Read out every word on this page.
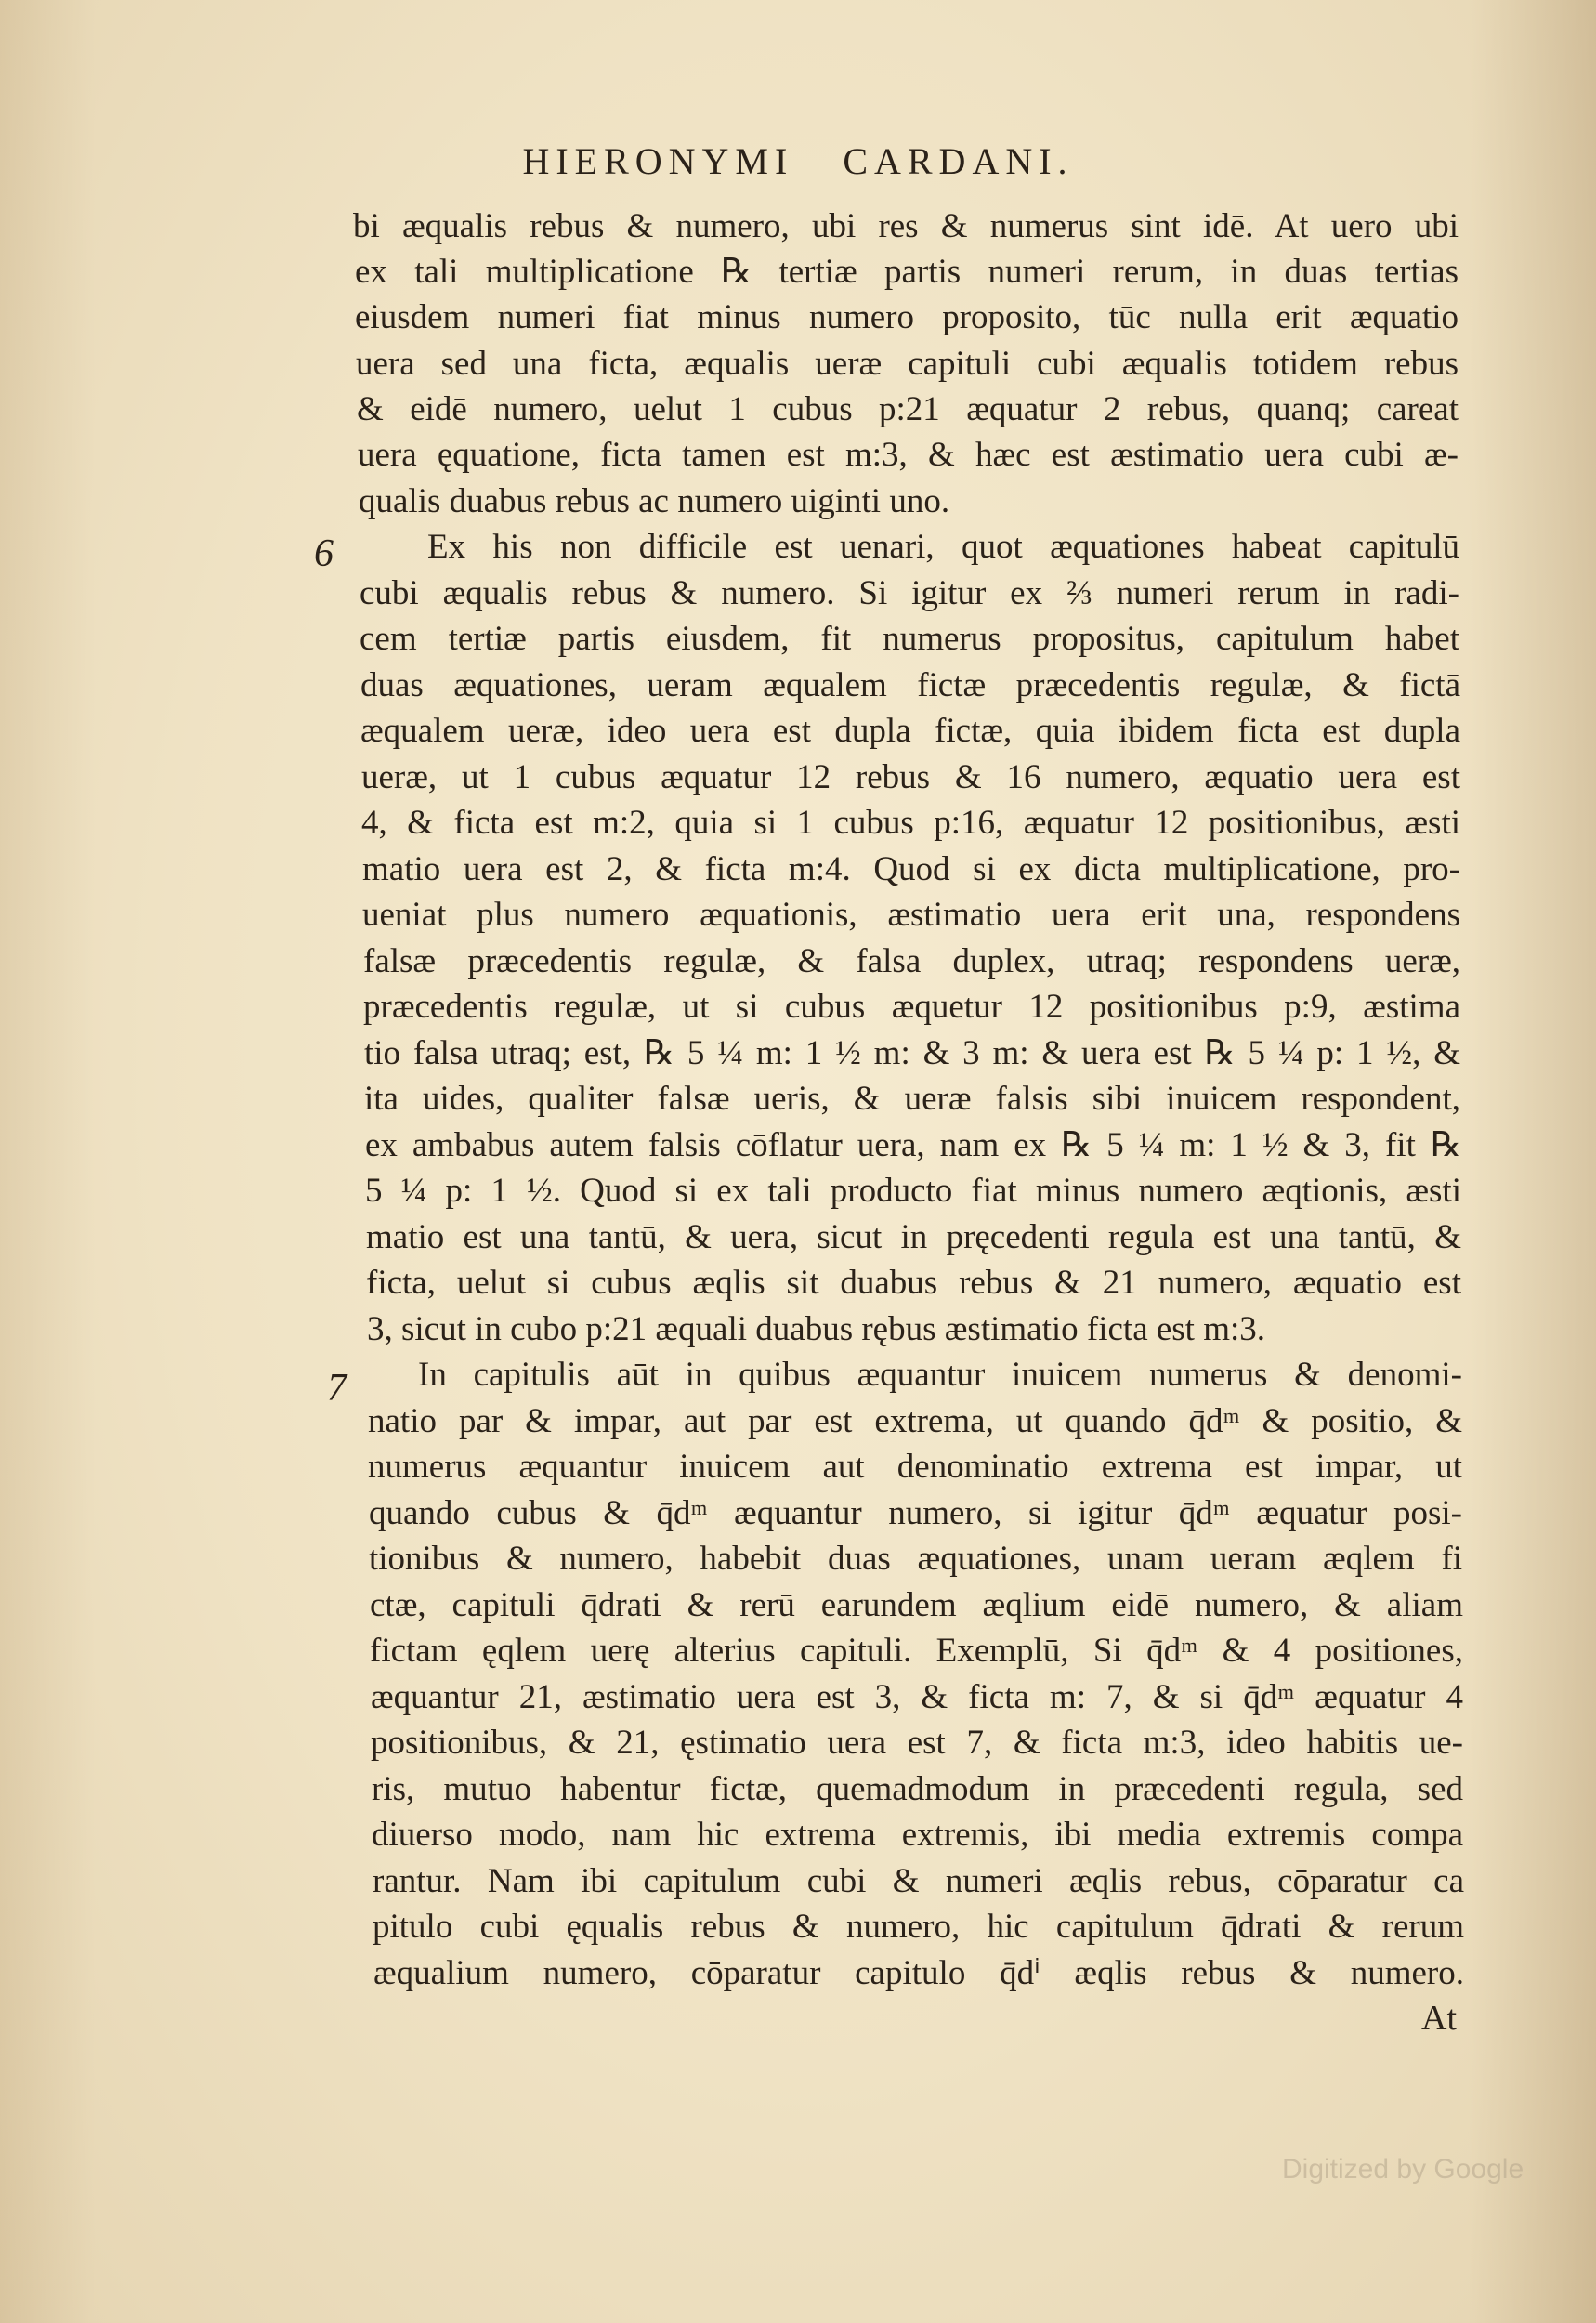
HIERONYMI CARDANI.
6
7
bi æqualis rebus & numero, ubi res & numerus sint idē. At uero ubi
ex tali multiplicatione ℞ tertiæ partis numeri rerum, in duas tertias
eiusdem numeri fiat minus numero proposito, tūc nulla erit æquatio
uera sed una ficta, æqualis ueræ capituli cubi æqualis totidem rebus
& eidē numero, uelut 1 cubus p:21 æquatur 2 rebus, quanq; careat
uera ęquatione, ficta tamen est m:3, & hæc est æstimatio uera cubi æ-
qualis duabus rebus ac numero uiginti uno.
Ex his non difficile est uenari, quot æquationes habeat capitulū
cubi æqualis rebus & numero. Si igitur ex ⅔ numeri rerum in radi-
cem tertiæ partis eiusdem, fit numerus propositus, capitulum habet
duas æquationes, ueram æqualem fictæ præcedentis regulæ, & fictā
æqualem ueræ, ideo uera est dupla fictæ, quia ibidem ficta est dupla
ueræ, ut 1 cubus æquatur 12 rebus & 16 numero, æquatio uera est
4, & ficta est m:2, quia si 1 cubus p:16, æquatur 12 positionibus, æsti
matio uera est 2, & ficta m:4. Quod si ex dicta multiplicatione, pro-
ueniat plus numero æquationis, æstimatio uera erit una, respondens
falsæ præcedentis regulæ, & falsa duplex, utraq; respondens ueræ,
præcedentis regulæ, ut si cubus æquetur 12 positionibus p:9, æstima
tio falsa utraq; est, ℞ 5 ¼ m: 1 ½ m: & 3 m: & uera est ℞ 5 ¼ p: 1 ½, &
ita uides, qualiter falsæ ueris, & ueræ falsis sibi inuicem respondent,
ex ambabus autem falsis cōflatur uera, nam ex ℞ 5 ¼ m: 1 ½ & 3, fit ℞
5 ¼ p: 1 ½. Quod si ex tali producto fiat minus numero æqtionis, æsti
matio est una tantū, & uera, sicut in pręcedenti regula est una tantū, &
ficta, uelut si cubus æqlis sit duabus rebus & 21 numero, æquatio est
3, sicut in cubo p:21 æquali duabus rębus æstimatio ficta est m:3.
In capitulis aūt in quibus æquantur inuicem numerus & denomi-
natio par & impar, aut par est extrema, ut quando q̄dᵐ & positio, &
numerus æquantur inuicem aut denominatio extrema est impar, ut
quando cubus & q̄dᵐ æquantur numero, si igitur q̄dᵐ æquatur posi-
tionibus & numero, habebit duas æquationes, unam ueram æqlem fi
ctæ, capituli q̄drati & rerū earundem æqlium eidē numero, & aliam
fictam ęqlem uerę alterius capituli. Exemplū, Si q̄dᵐ & 4 positiones,
æquantur 21, æstimatio uera est 3, & ficta m: 7, & si q̄dᵐ æquatur 4
positionibus, & 21, ęstimatio uera est 7, & ficta m:3, ideo habitis ue-
ris, mutuo habentur fictæ, quemadmodum in præcedenti regula, sed
diuerso modo, nam hic extrema extremis, ibi media extremis compa
rantur. Nam ibi capitulum cubi & numeri æqlis rebus, cōparatur ca
pitulo cubi ęqualis rebus & numero, hic capitulum q̄drati & rerum
æqualium numero, cōparatur capitulo q̄dⁱ æqlis rebus & numero.
At
Digitized by Google
